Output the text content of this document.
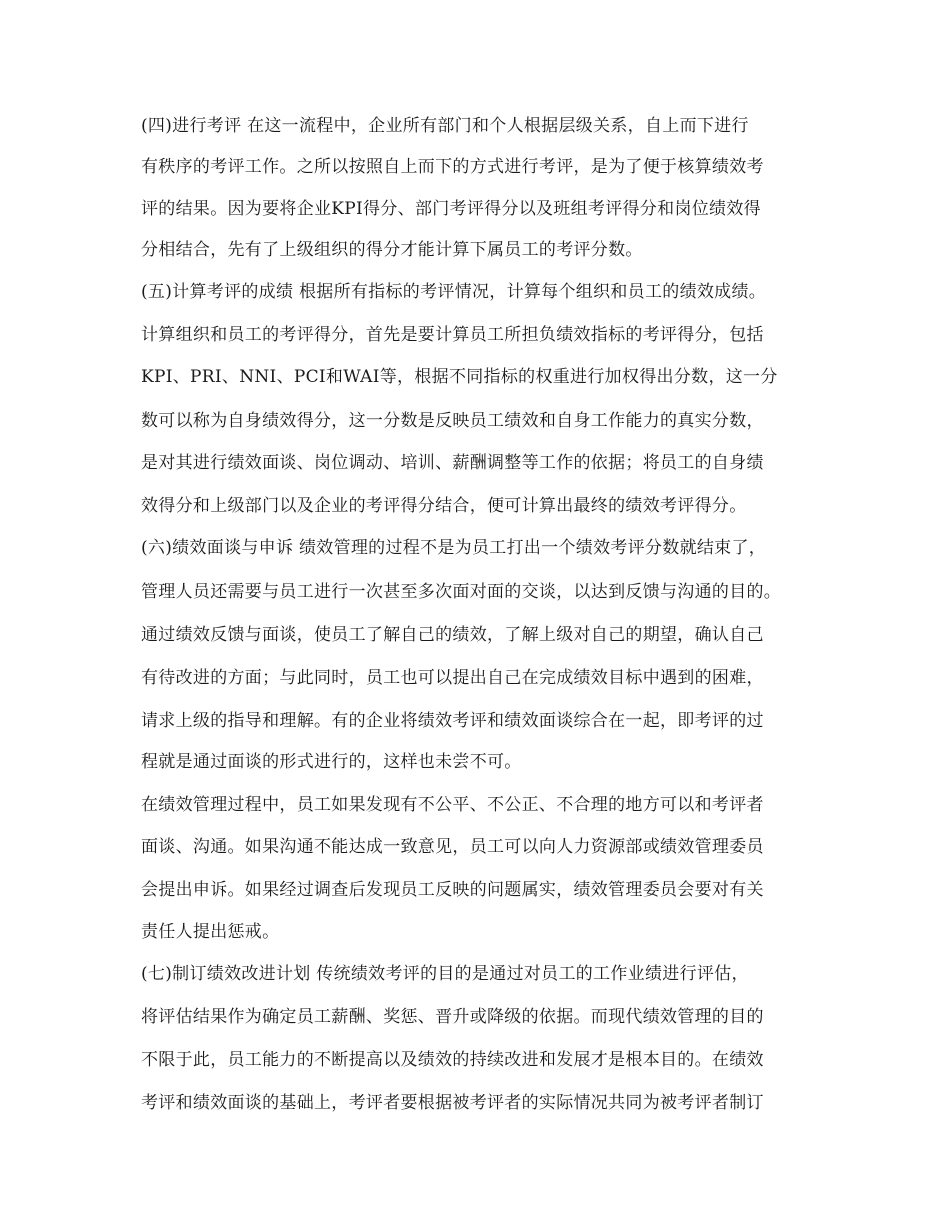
(四)进行考评 在这一流程中，企业所有部门和个人根据层级关系，自上而下进行

有秩序的考评工作。之所以按照自上而下的方式进行考评，是为了便于核算绩效考

评的结果。因为要将企业KPI得分、部门考评得分以及班组考评得分和岗位绩效得

分相结合，先有了上级组织的得分才能计算下属员工的考评分数。

(五)计算考评的成绩 根据所有指标的考评情况，计算每个组织和员工的绩效成绩。

计算组织和员工的考评得分，首先是要计算员工所担负绩效指标的考评得分，包括

KPI、PRI、NNI、PCI和WAI等，根据不同指标的权重进行加权得出分数，这一分

数可以称为自身绩效得分，这一分数是反映员工绩效和自身工作能力的真实分数，

是对其进行绩效面谈、岗位调动、培训、薪酬调整等工作的依据；将员工的自身绩

效得分和上级部门以及企业的考评得分结合，便可计算出最终的绩效考评得分。

(六)绩效面谈与申诉 绩效管理的过程不是为员工打出一个绩效考评分数就结束了，

管理人员还需要与员工进行一次甚至多次面对面的交谈，以达到反馈与沟通的目的。

通过绩效反馈与面谈，使员工了解自己的绩效，了解上级对自己的期望，确认自己

有待改进的方面；与此同时，员工也可以提出自己在完成绩效目标中遇到的困难，

请求上级的指导和理解。有的企业将绩效考评和绩效面谈综合在一起，即考评的过

程就是通过面谈的形式进行的，这样也未尝不可。

在绩效管理过程中，员工如果发现有不公平、不公正、不合理的地方可以和考评者

面谈、沟通。如果沟通不能达成一致意见，员工可以向人力资源部或绩效管理委员

会提出申诉。如果经过调查后发现员工反映的问题属实，绩效管理委员会要对有关

责任人提出惩戒。

(七)制订绩效改进计划 传统绩效考评的目的是通过对员工的工作业绩进行评估，

将评估结果作为确定员工薪酬、奖惩、晋升或降级的依据。而现代绩效管理的目的

不限于此，员工能力的不断提高以及绩效的持续改进和发展才是根本目的。在绩效

考评和绩效面谈的基础上，考评者要根据被考评者的实际情况共同为被考评者制订
